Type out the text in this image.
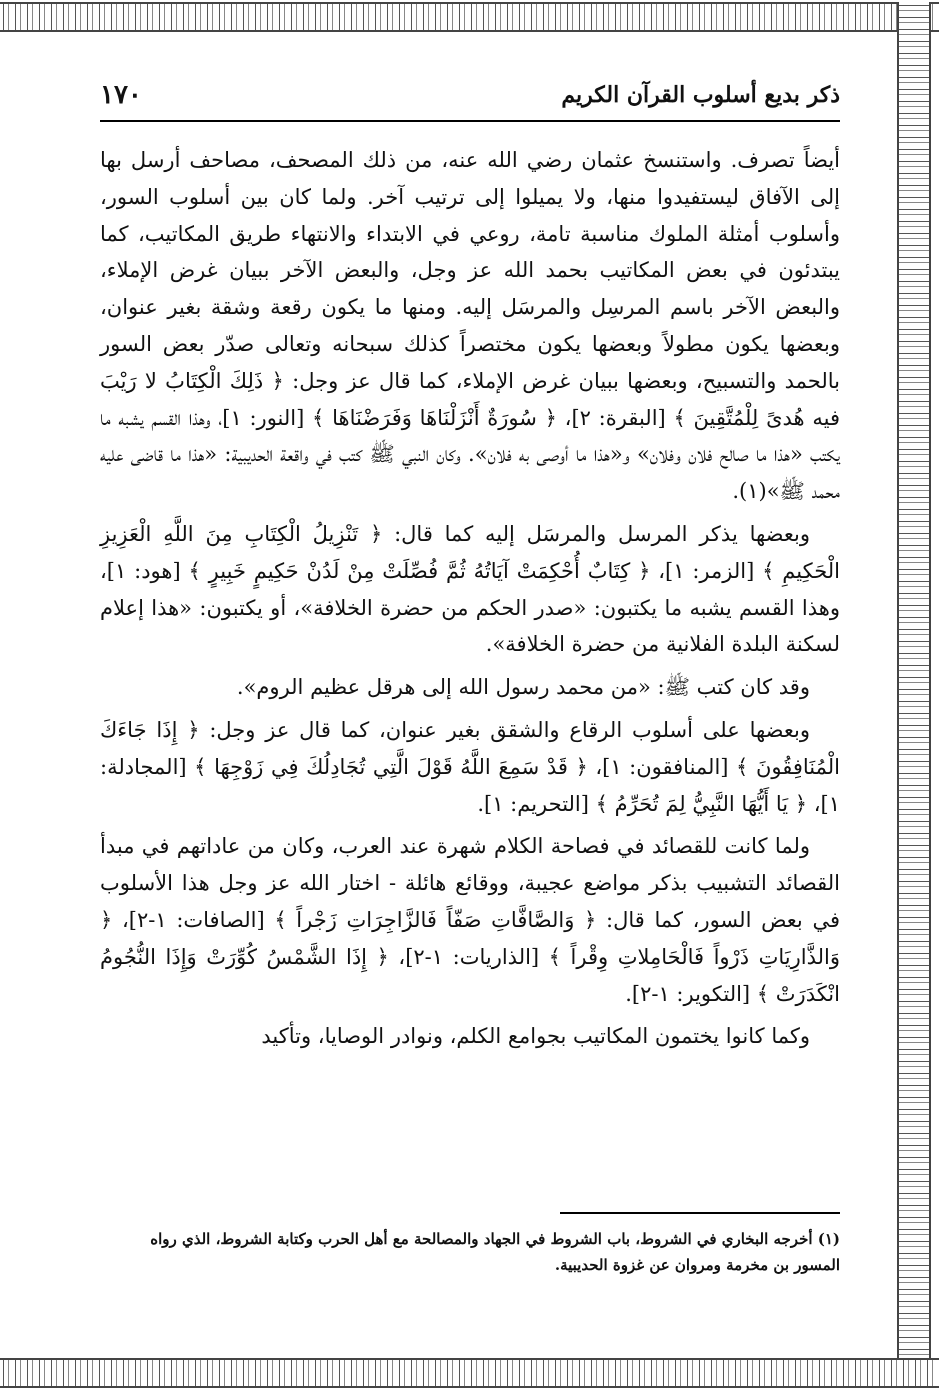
ذكر بديع أسلوب القرآن الكريم
١٧٠

أيضاً تصرف. واستنسخ عثمان رضي الله عنه، من ذلك المصحف، مصاحف أرسل بها إلى الآفاق ليستفيدوا منها، ولا يميلوا إلى ترتيب آخر. ولما كان بين أسلوب السور، وأسلوب أمثلة الملوك مناسبة تامة، روعي في الابتداء والانتهاء طريق المكاتيب، كما يبتدئون في بعض المكاتيب بحمد الله عز وجل، والبعض الآخر ببيان غرض الإملاء، والبعض الآخر باسم المرسِل والمرسَل إليه. ومنها ما يكون رقعة وشقة بغير عنوان، وبعضها يكون مطولاً وبعضها يكون مختصراً كذلك سبحانه وتعالى صدّر بعض السور بالحمد والتسبيح، وبعضها ببيان غرض الإملاء، كما قال عز وجل: ﴿ ذَلِكَ الْكِتَابُ لا رَيْبَ فيه هُدىً لِلْمُتَّقِينَ ﴾ [البقرة: ٢]، ﴿ سُورَةٌ أَنْزَلْنَاهَا وَفَرَضْنَاهَا ﴾ [النور: ١]، وهذا القسم يشبه ما يكتب «هذا ما صالح فلان وفلان» و«هذا ما أوصى به فلان». وكان النبي ﷺ كتب في واقعة الحديبية: «هذا ما قاضى عليه محمد ﷺ»(١).

وبعضها يذكر المرسل والمرسَل إليه كما قال: ﴿ تَنْزِيلُ الْكِتَابِ مِنَ اللَّهِ الْعَزِيزِ الْحَكِيمِ ﴾ [الزمر: ١]، ﴿ كِتَابٌ أُحْكِمَتْ آيَاتُهُ ثُمَّ فُصِّلَتْ مِنْ لَدُنْ حَكِيمٍ خَبِيرٍ ﴾ [هود: ١]، وهذا القسم يشبه ما يكتبون: «صدر الحكم من حضرة الخلافة»، أو يكتبون: «هذا إعلام لسكنة البلدة الفلانية من حضرة الخلافة».

وقد كان كتب ﷺ: «من محمد رسول الله إلى هرقل عظيم الروم».

وبعضها على أسلوب الرقاع والشقق بغير عنوان، كما قال عز وجل: ﴿ إِذَا جَاءَكَ الْمُنَافِقُونَ ﴾ [المنافقون: ١]، ﴿ قَدْ سَمِعَ اللَّهُ قَوْلَ الَّتِي تُجَادِلُكَ فِي زَوْجِهَا ﴾ [المجادلة: ١]، ﴿ يَا أَيُّهَا النَّبِيُّ لِمَ تُحَرِّمُ ﴾ [التحريم: ١].

ولما كانت للقصائد في فصاحة الكلام شهرة عند العرب، وكان من عاداتهم في مبدأ القصائد التشبيب بذكر مواضع عجيبة، ووقائع هائلة - اختار الله عز وجل هذا الأسلوب في بعض السور، كما قال: ﴿ وَالصَّافَّاتِ صَفّاً فَالزَّاجِرَاتِ زَجْراً ﴾ [الصافات: ١-٢]، ﴿ وَالذَّارِيَاتِ ذَرْواً فَالْحَامِلاتِ وِقْراً ﴾ [الذاريات: ١-٢]، ﴿ إِذَا الشَّمْسُ كُوِّرَتْ وَإِذَا النُّجُومُ انْكَدَرَتْ ﴾ [التكوير: ١-٢].

وكما كانوا يختمون المكاتيب بجوامع الكلم، ونوادر الوصايا، وتأكيد

(١) أخرجه البخاري في الشروط، باب الشروط في الجهاد والمصالحة مع أهل الحرب وكتابة الشروط، الذي رواه المسور بن مخرمة ومروان عن غزوة الحديبية.
